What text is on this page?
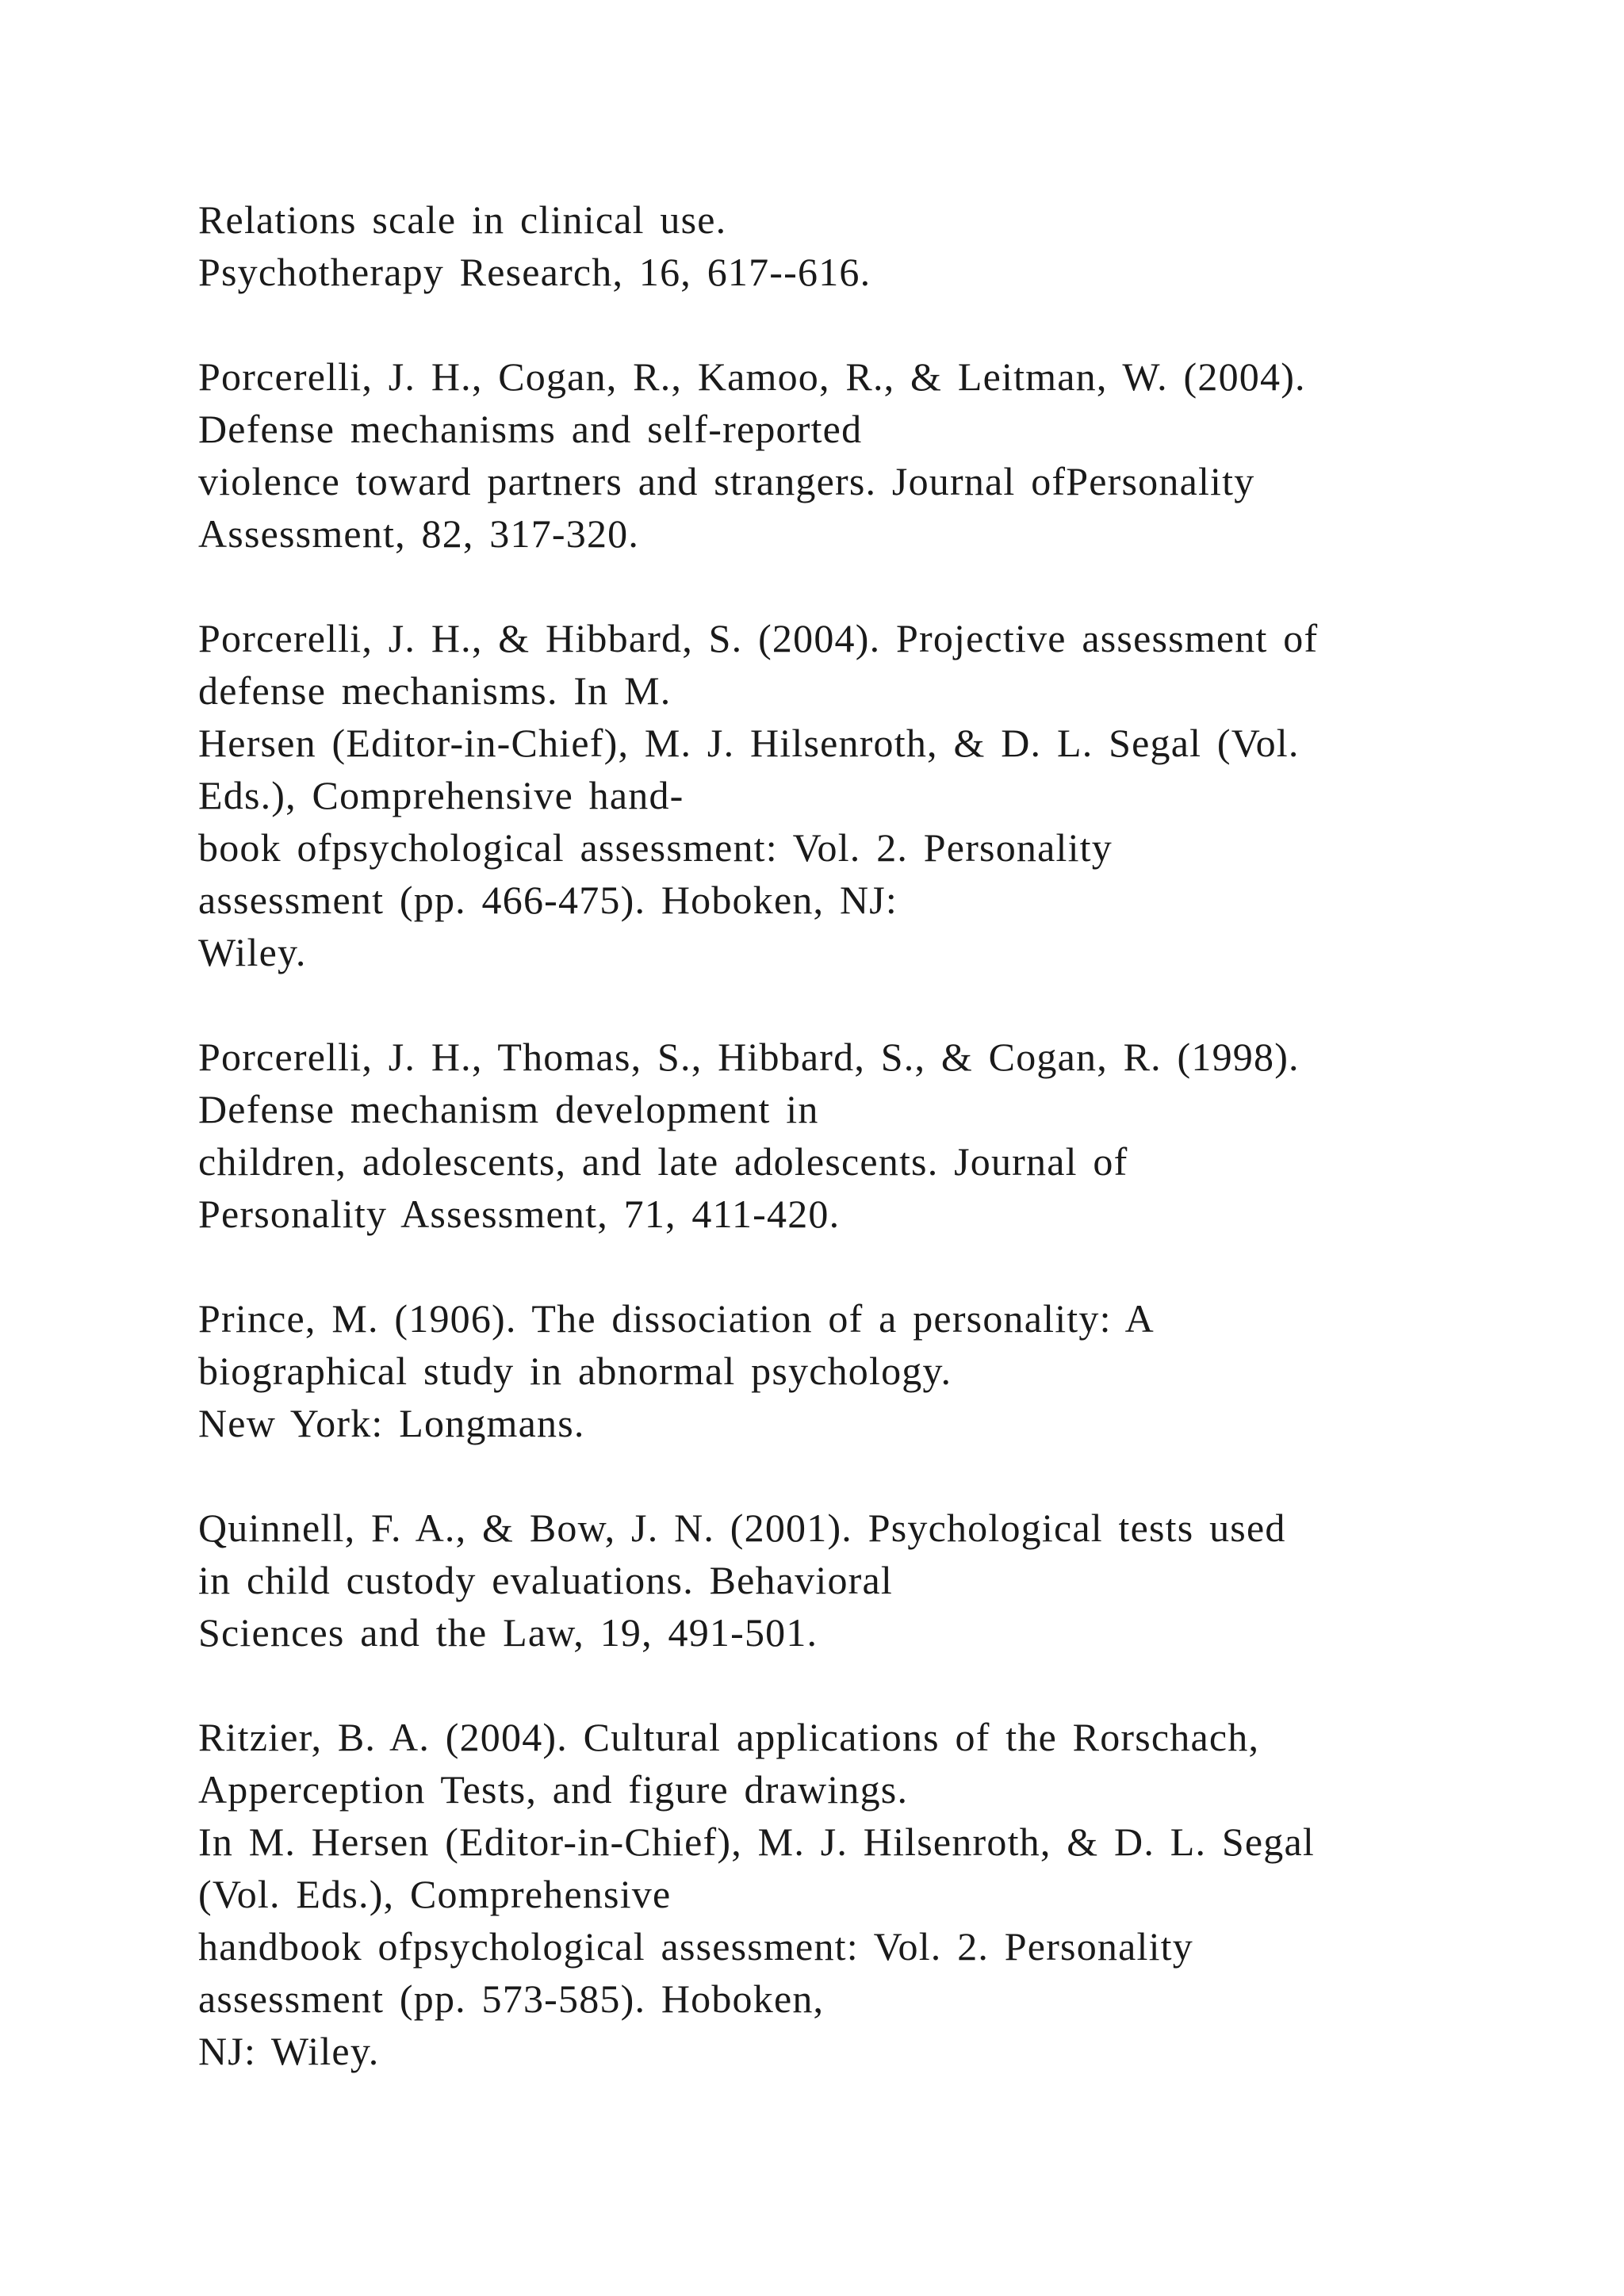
Relations scale in clinical use.
Psychotherapy Research, 16, 617--616.
Porcerelli, J. H., Cogan, R., Kamoo, R., & Leitman, W. (2004).
Defense mechanisms and self-reported
violence toward partners and strangers. Journal ofPersonality
Assessment, 82, 317-320.
Porcerelli, J. H., & Hibbard, S. (2004). Projective assessment of
defense mechanisms. In M.
Hersen (Editor-in-Chief), M. J. Hilsenroth, & D. L. Segal (Vol.
Eds.), Comprehensive hand-
book ofpsychological assessment: Vol. 2. Personality
assessment (pp. 466-475). Hoboken, NJ:
Wiley.
Porcerelli, J. H., Thomas, S., Hibbard, S., & Cogan, R. (1998).
Defense mechanism development in
children, adolescents, and late adolescents. Journal of
Personality Assessment, 71, 411-420.
Prince, M. (1906). The dissociation of a personality: A
biographical study in abnormal psychology.
New York: Longmans.
Quinnell, F. A., & Bow, J. N. (2001). Psychological tests used
in child custody evaluations. Behavioral
Sciences and the Law, 19, 491-501.
Ritzier, B. A. (2004). Cultural applications of the Rorschach,
Apperception Tests, and figure drawings.
In M. Hersen (Editor-in-Chief), M. J. Hilsenroth, & D. L. Segal
(Vol. Eds.), Comprehensive
handbook ofpsychological assessment: Vol. 2. Personality
assessment (pp. 573-585). Hoboken,
NJ: Wiley.
